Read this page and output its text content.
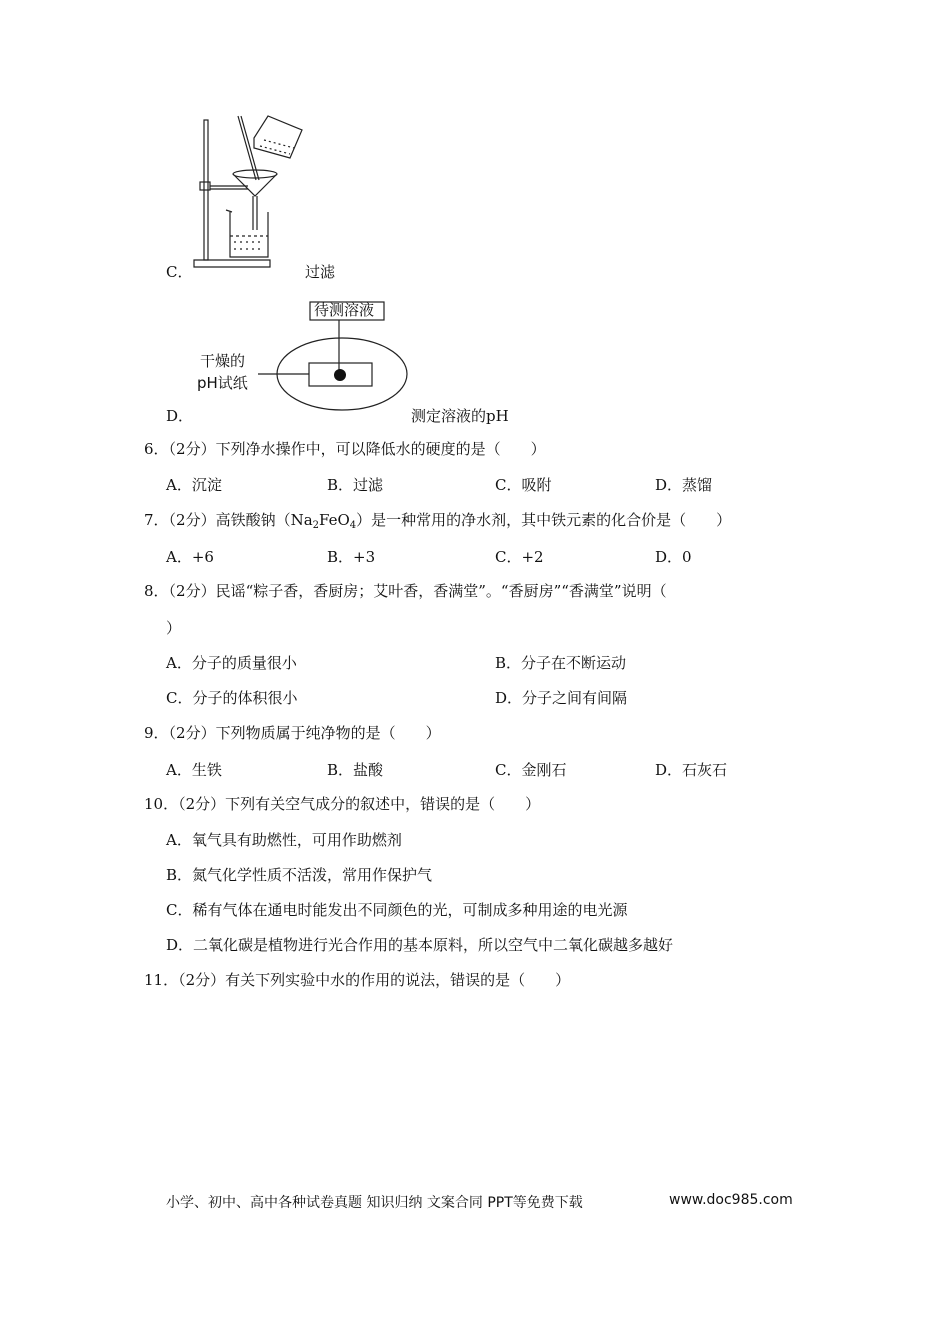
C．	过滤
待测溶液
干燥的
pH试纸
D．	测定溶液的pH
6．（2分）下列净水操作中，可以降低水的硬度的是（　　）
A．沉淀	B．过滤	C．吸附	D．蒸馏
7．（2分）高铁酸钠$(Na_2FeO_4)$是一种常用的净水剂，其中铁元素的化合价是（　　）
A．+6	B．+3	C．+2	D．0
8．（2分）民谣“粽子香，香厨房；艾叶香，香满堂”。“香厨房”“香满堂”说明（
）
A．分子的质量很小	B．分子在不断运动
C．分子的体积很小	D．分子之间有间隔
9．（2分）下列物质属于纯净物的是（　　）
A．生铁	B．盐酸	C．金刚石	D．石灰石
10．（2分）下列有关空气成分的叙述中，错误的是（　　）
A．氧气具有助燃性，可用作助燃剂
B．氮气化学性质不活泼，常用作保护气
C．稀有气体在通电时能发出不同颜色的光，可制成多种用途的电光源
D．二氧化碳是植物进行光合作用的基本原料，所以空气中二氧化碳越多越好
11．（2分）有关下列实验中水的作用的说法，错误的是（　　）
小学、初中、高中各种试卷真题 知识归纳 文案合同 PPT等免费下载	www.doc985.com
